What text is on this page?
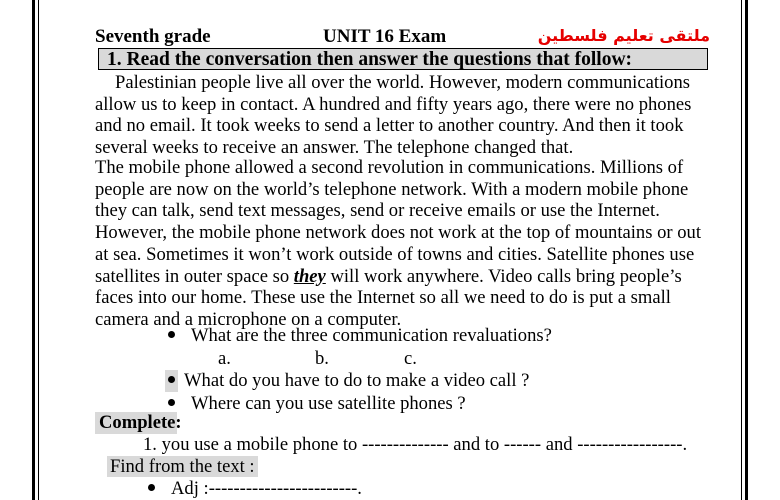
Seventh grade	UNIT 16 Exam	ملتقى تعليم فلسطين
1. Read the conversation then answer the questions that follow:
Palestinian people live all over the world. However, modern communications
allow us to keep in contact. A hundred and fifty years ago, there were no phones
and no email. It took weeks to send a letter to another country. And then it took
several weeks to receive an answer. The telephone changed that.
The mobile phone allowed a second revolution in communications. Millions of
people are now on the world’s telephone network. With a modern mobile phone
they can talk, send text messages, send or receive emails or use the Internet.
However, the mobile phone network does not work at the top of mountains or out
at sea. Sometimes it won’t work outside of towns and cities. Satellite phones use
satellites in outer space so they will work anywhere. Video calls bring people’s
faces into our home. These use the Internet so all we need to do is put a small
camera and a microphone on a computer.
What are the three communication revaluations?
a.	b.	c.
What do you have to do to make a video call ?
Where can you use satellite phones ?
Complete:
1. you use a mobile phone to -------------- and to ------ and -----------------.
Find from the text :
Adj :------------------------.
